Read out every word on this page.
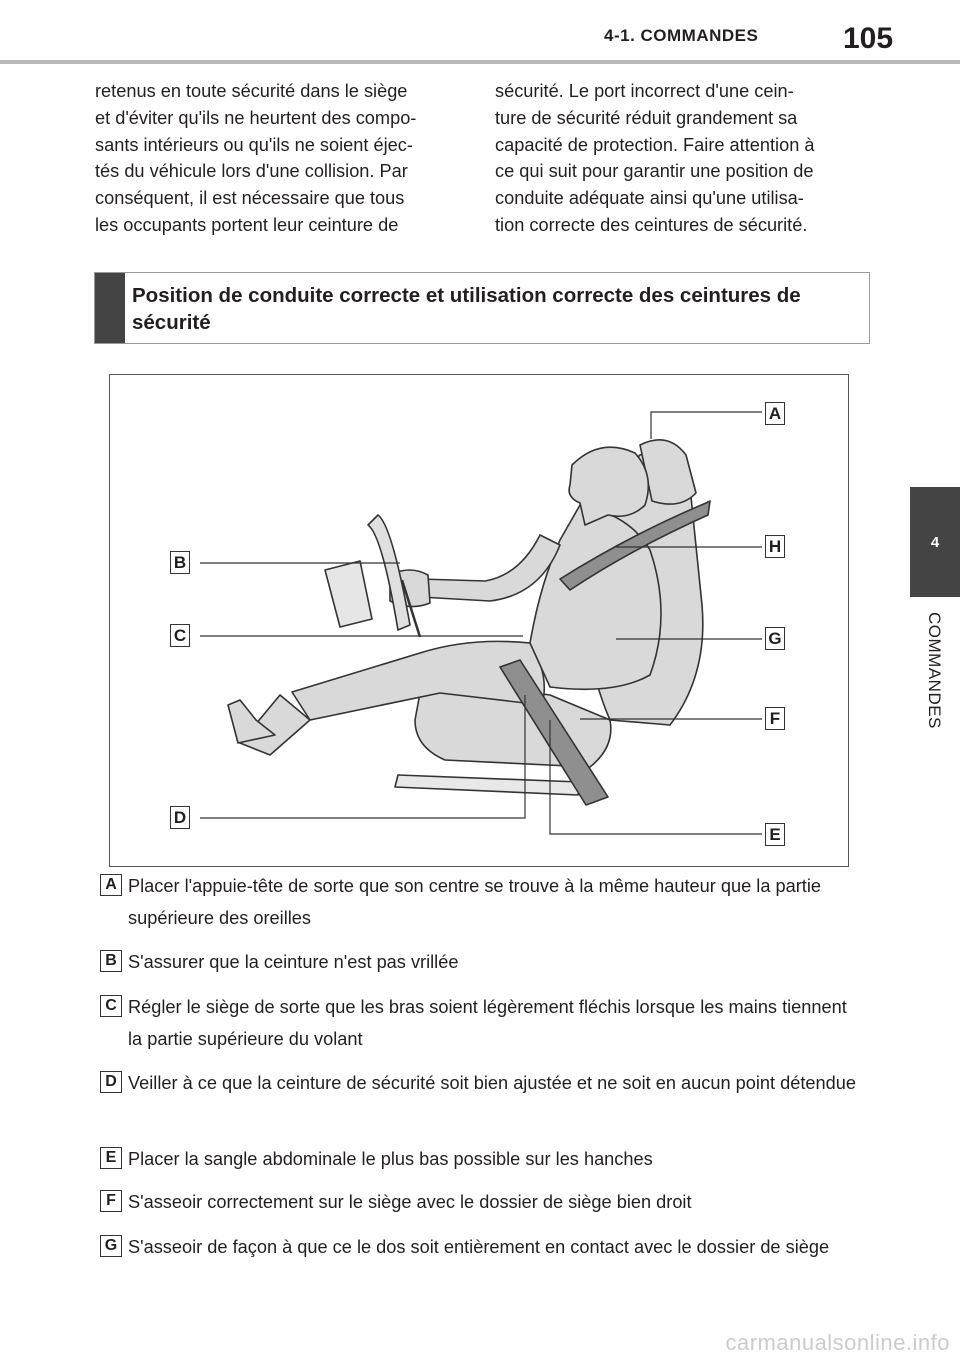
4-1. COMMANDES	105
4
COMMANDES
retenus en toute sécurité dans le siège
et d'éviter qu'ils ne heurtent des compo-
sants intérieurs ou qu'ils ne soient éjec-
tés du véhicule lors d'une collision. Par
conséquent, il est nécessaire que tous
les occupants portent leur ceinture de
sécurité. Le port incorrect d'une cein-
ture de sécurité réduit grandement sa
capacité de protection. Faire attention à
ce qui suit pour garantir une position de
conduite adéquate ainsi qu'une utilisa-
tion correcte des ceintures de sécurité.
Position de conduite correcte et utilisation correcte des ceintures de sécurité
A
B
H
C	G
F
D
E
A Placer l'appuie-tête de sorte que son centre se trouve à la même hauteur que la partie supérieure des oreilles
B S'assurer que la ceinture n'est pas vrillée
C Régler le siège de sorte que les bras soient légèrement fléchis lorsque les mains tiennent la partie supérieure du volant
D Veiller à ce que la ceinture de sécurité soit bien ajustée et ne soit en aucun point détendue
E Placer la sangle abdominale le plus bas possible sur les hanches
F S'asseoir correctement sur le siège avec le dossier de siège bien droit
G S'asseoir de façon à que ce le dos soit entièrement en contact avec le dossier de siège
carmanualsonline.info
